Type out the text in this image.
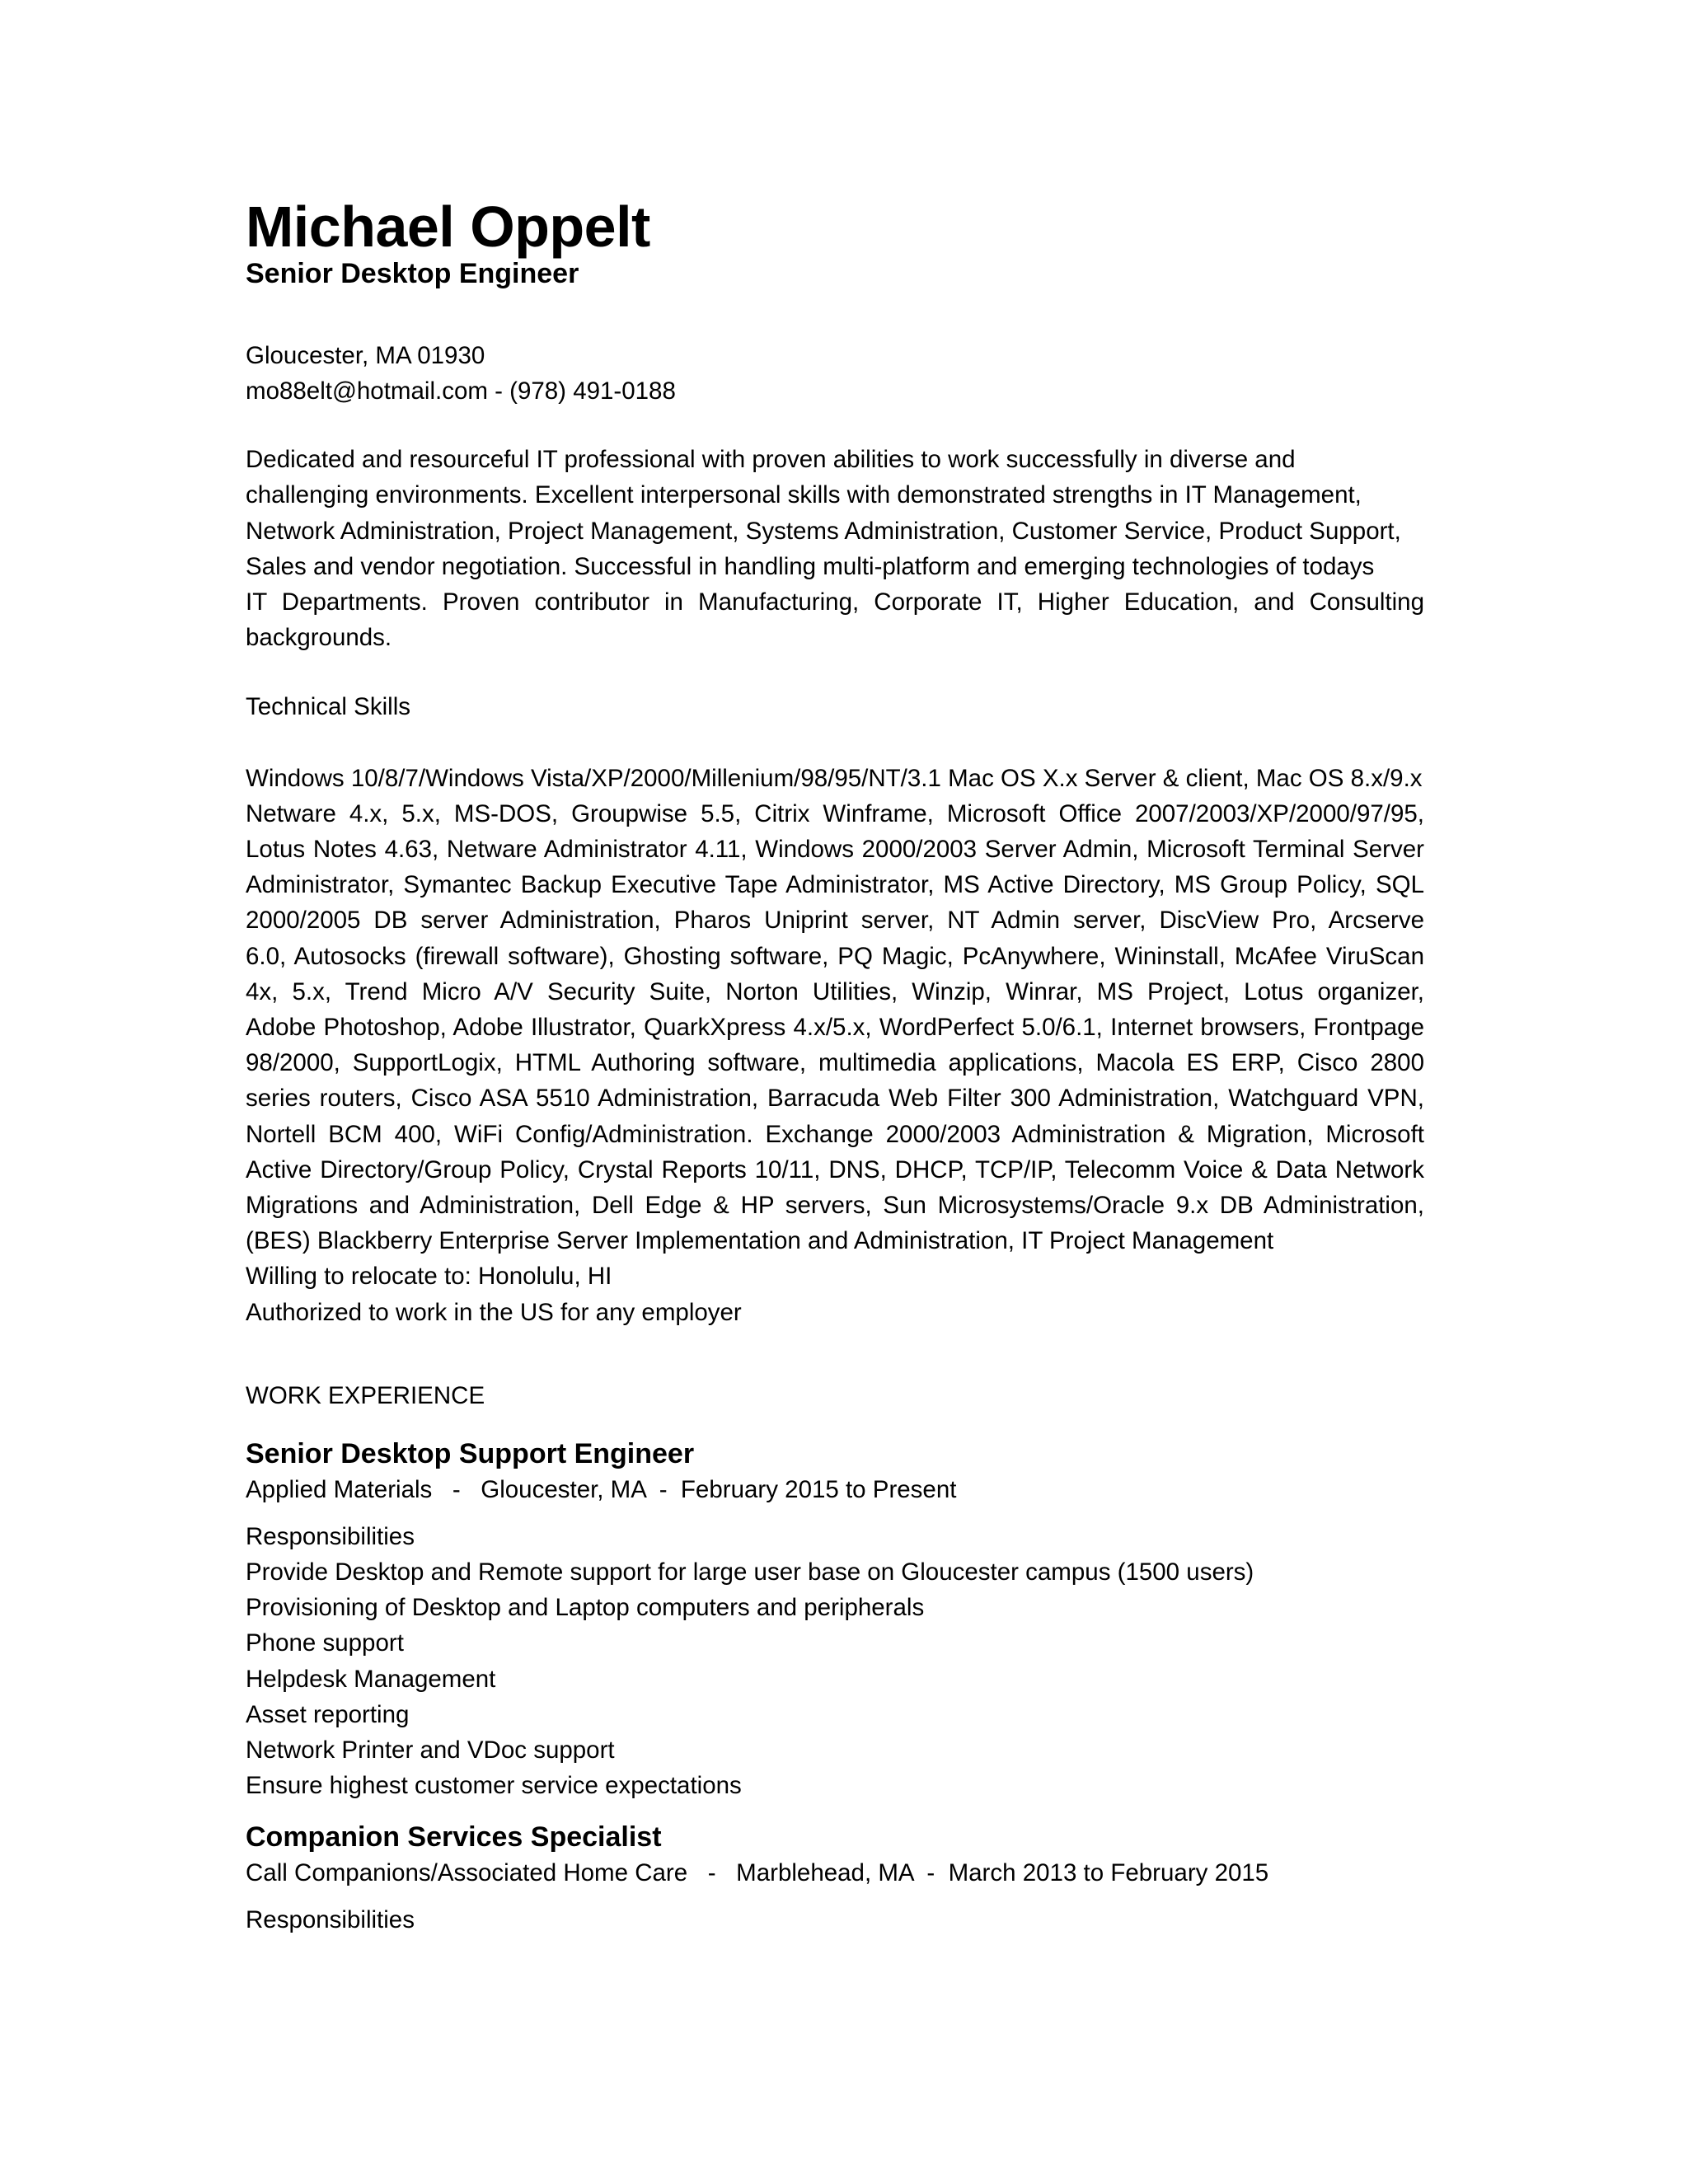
Michael Oppelt
Senior Desktop Engineer
Gloucester, MA 01930
mo88elt@hotmail.com - (978) 491-0188
Dedicated and resourceful IT professional with proven abilities to work successfully in diverse and
challenging environments. Excellent interpersonal skills with demonstrated strengths in IT Management,
Network Administration, Project Management, Systems Administration, Customer Service, Product Support,
Sales and vendor negotiation. Successful in handling multi-platform and emerging technologies of todays
IT Departments. Proven contributor in Manufacturing, Corporate IT, Higher Education, and Consulting
backgrounds.
Technical Skills
Windows 10/8/7/Windows Vista/XP/2000/Millenium/98/95/NT/3.1 Mac OS X.x Server & client, Mac OS 8.x/9.x
Netware 4.x, 5.x, MS-DOS, Groupwise 5.5, Citrix Winframe, Microsoft Office 2007/2003/XP/2000/97/95,
Lotus Notes 4.63, Netware Administrator 4.11, Windows 2000/2003 Server Admin, Microsoft Terminal Server
Administrator, Symantec Backup Executive Tape Administrator, MS Active Directory, MS Group Policy, SQL
2000/2005 DB server Administration, Pharos Uniprint server, NT Admin server, DiscView Pro, Arcserve
6.0, Autosocks (firewall software), Ghosting software, PQ Magic, PcAnywhere, Wininstall, McAfee ViruScan
4x, 5.x, Trend Micro A/V Security Suite, Norton Utilities, Winzip, Winrar, MS Project, Lotus organizer,
Adobe Photoshop, Adobe Illustrator, QuarkXpress 4.x/5.x, WordPerfect 5.0/6.1, Internet browsers, Frontpage
98/2000, SupportLogix, HTML Authoring software, multimedia applications, Macola ES ERP, Cisco 2800
series routers, Cisco ASA 5510 Administration, Barracuda Web Filter 300 Administration, Watchguard VPN,
Nortell BCM 400, WiFi Config/Administration. Exchange 2000/2003 Administration & Migration, Microsoft
Active Directory/Group Policy, Crystal Reports 10/11, DNS, DHCP, TCP/IP, Telecomm Voice & Data Network
Migrations and Administration, Dell Edge & HP servers, Sun Microsystems/Oracle 9.x DB Administration,
(BES) Blackberry Enterprise Server Implementation and Administration, IT Project Management
Willing to relocate to: Honolulu, HI
Authorized to work in the US for any employer
WORK EXPERIENCE
Senior Desktop Support Engineer
Applied Materials   -   Gloucester, MA  -  February 2015 to Present
Responsibilities
Provide Desktop and Remote support for large user base on Gloucester campus (1500 users)
Provisioning of Desktop and Laptop computers and peripherals
Phone support
Helpdesk Management
Asset reporting
Network Printer and VDoc support
Ensure highest customer service expectations
Companion Services Specialist
Call Companions/Associated Home Care   -   Marblehead, MA  -  March 2013 to February 2015
Responsibilities
